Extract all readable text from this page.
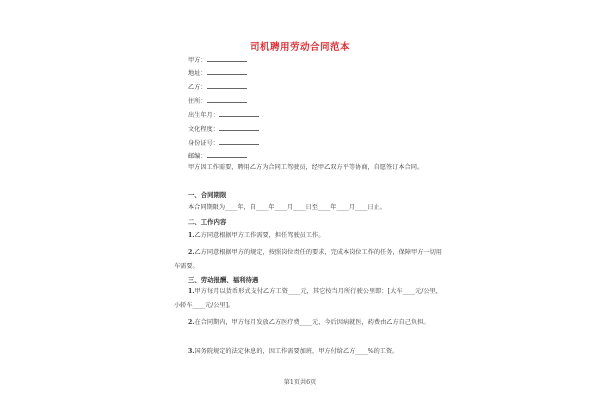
司机聘用劳动合同范本
甲方：
地址：
乙方：
住所：
出生年月：
文化程度：
身份证号：
邮编：
甲方因工作需要，聘用乙方为合同工驾驶员，经甲乙双方平等协商，自愿签订本合同。
一、合同期限
本合同期限为____年，自____年____月____日至____年____月____日止。
二、工作内容
1.乙方同意根据甲方工作需要，担任驾驶员工作。
2.乙方同意根据甲方的规定，按照岗位责任的要求，完成本岗位工作的任务，保障甲方一切用车需要。
三、劳动报酬、福利待遇
1.甲方每月以货币形式支付乙方工资____元，其它按当月所行驶公里即：[大车____元/公里，小轿车____元/公里]。
2.在合同期内，甲方每月发放乙方医疗费____元，今后因病就医，药费由乙方自己负担。
3.国务院规定的法定休息的，因工作需要加班，甲方付给乙方____%的工资。
第1页共6页
